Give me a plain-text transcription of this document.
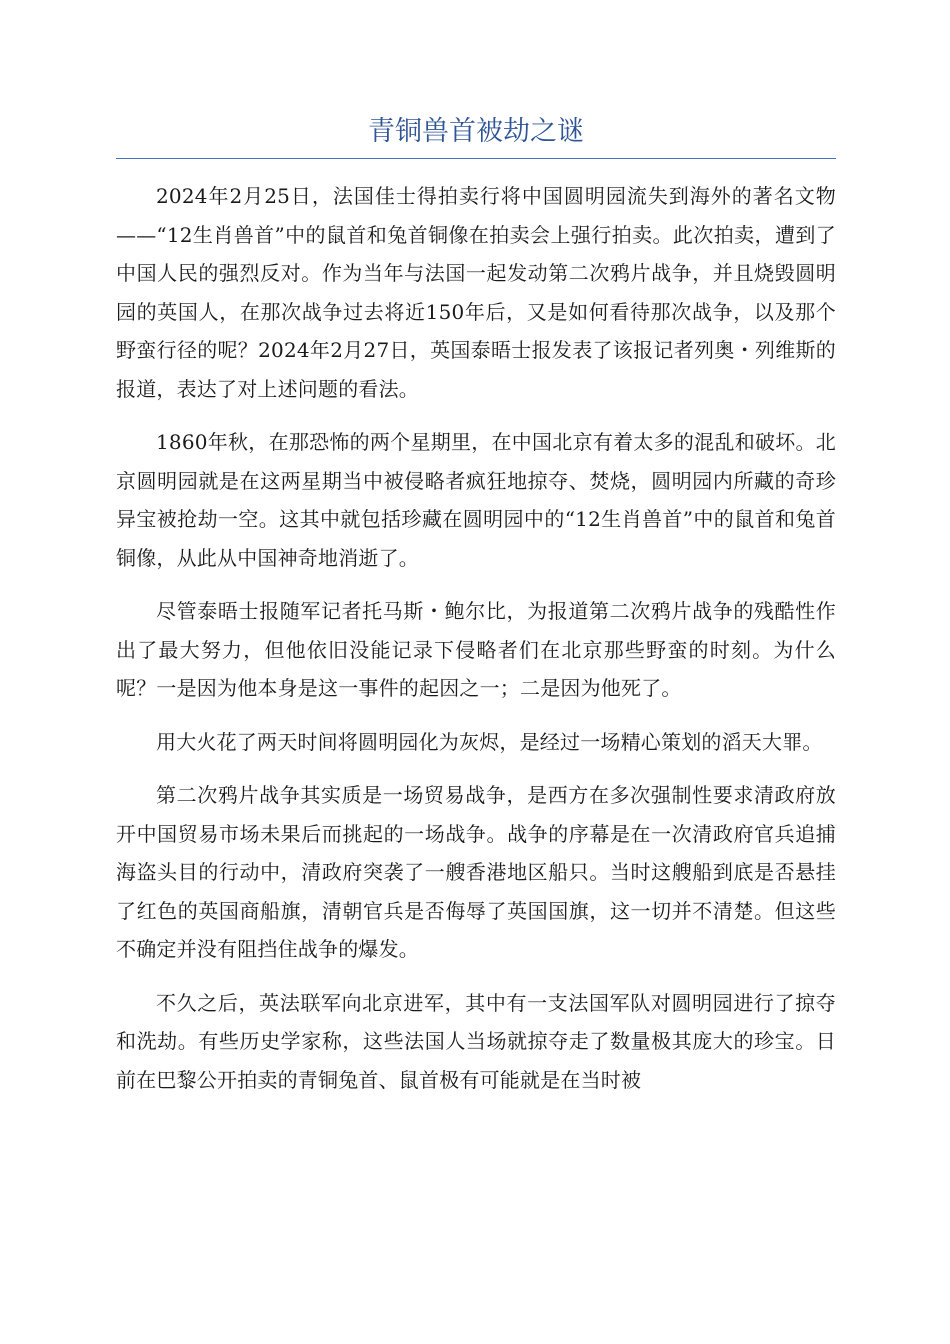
青铜兽首被劫之谜

2024年2月25日，法国佳士得拍卖行将中国圆明园流失到海外的著名文物——“12生肖兽首”中的鼠首和兔首铜像在拍卖会上强行拍卖。此次拍卖，遭到了中国人民的强烈反对。作为当年与法国一起发动第二次鸦片战争，并且烧毁圆明园的英国人，在那次战争过去将近150年后，又是如何看待那次战争，以及那个野蛮行径的呢？2024年2月27日，英国泰晤士报发表了该报记者列奥・列维斯的报道，表达了对上述问题的看法。

1860年秋，在那恐怖的两个星期里，在中国北京有着太多的混乱和破坏。北京圆明园就是在这两星期当中被侵略者疯狂地掠夺、焚烧，圆明园内所藏的奇珍异宝被抢劫一空。这其中就包括珍藏在圆明园中的“12生肖兽首”中的鼠首和兔首铜像，从此从中国神奇地消逝了。

尽管泰晤士报随军记者托马斯・鲍尔比，为报道第二次鸦片战争的残酷性作出了最大努力，但他依旧没能记录下侵略者们在北京那些野蛮的时刻。为什么呢？一是因为他本身是这一事件的起因之一；二是因为他死了。

用大火花了两天时间将圆明园化为灰烬，是经过一场精心策划的滔天大罪。

第二次鸦片战争其实质是一场贸易战争，是西方在多次强制性要求清政府放开中国贸易市场未果后而挑起的一场战争。战争的序幕是在一次清政府官兵追捕海盗头目的行动中，清政府突袭了一艘香港地区船只。当时这艘船到底是否悬挂了红色的英国商船旗，清朝官兵是否侮辱了英国国旗，这一切并不清楚。但这些不确定并没有阻挡住战争的爆发。

不久之后，英法联军向北京进军，其中有一支法国军队对圆明园进行了掠夺和洗劫。有些历史学家称，这些法国人当场就掠夺走了数量极其庞大的珍宝。日前在巴黎公开拍卖的青铜兔首、鼠首极有可能就是在当时被
